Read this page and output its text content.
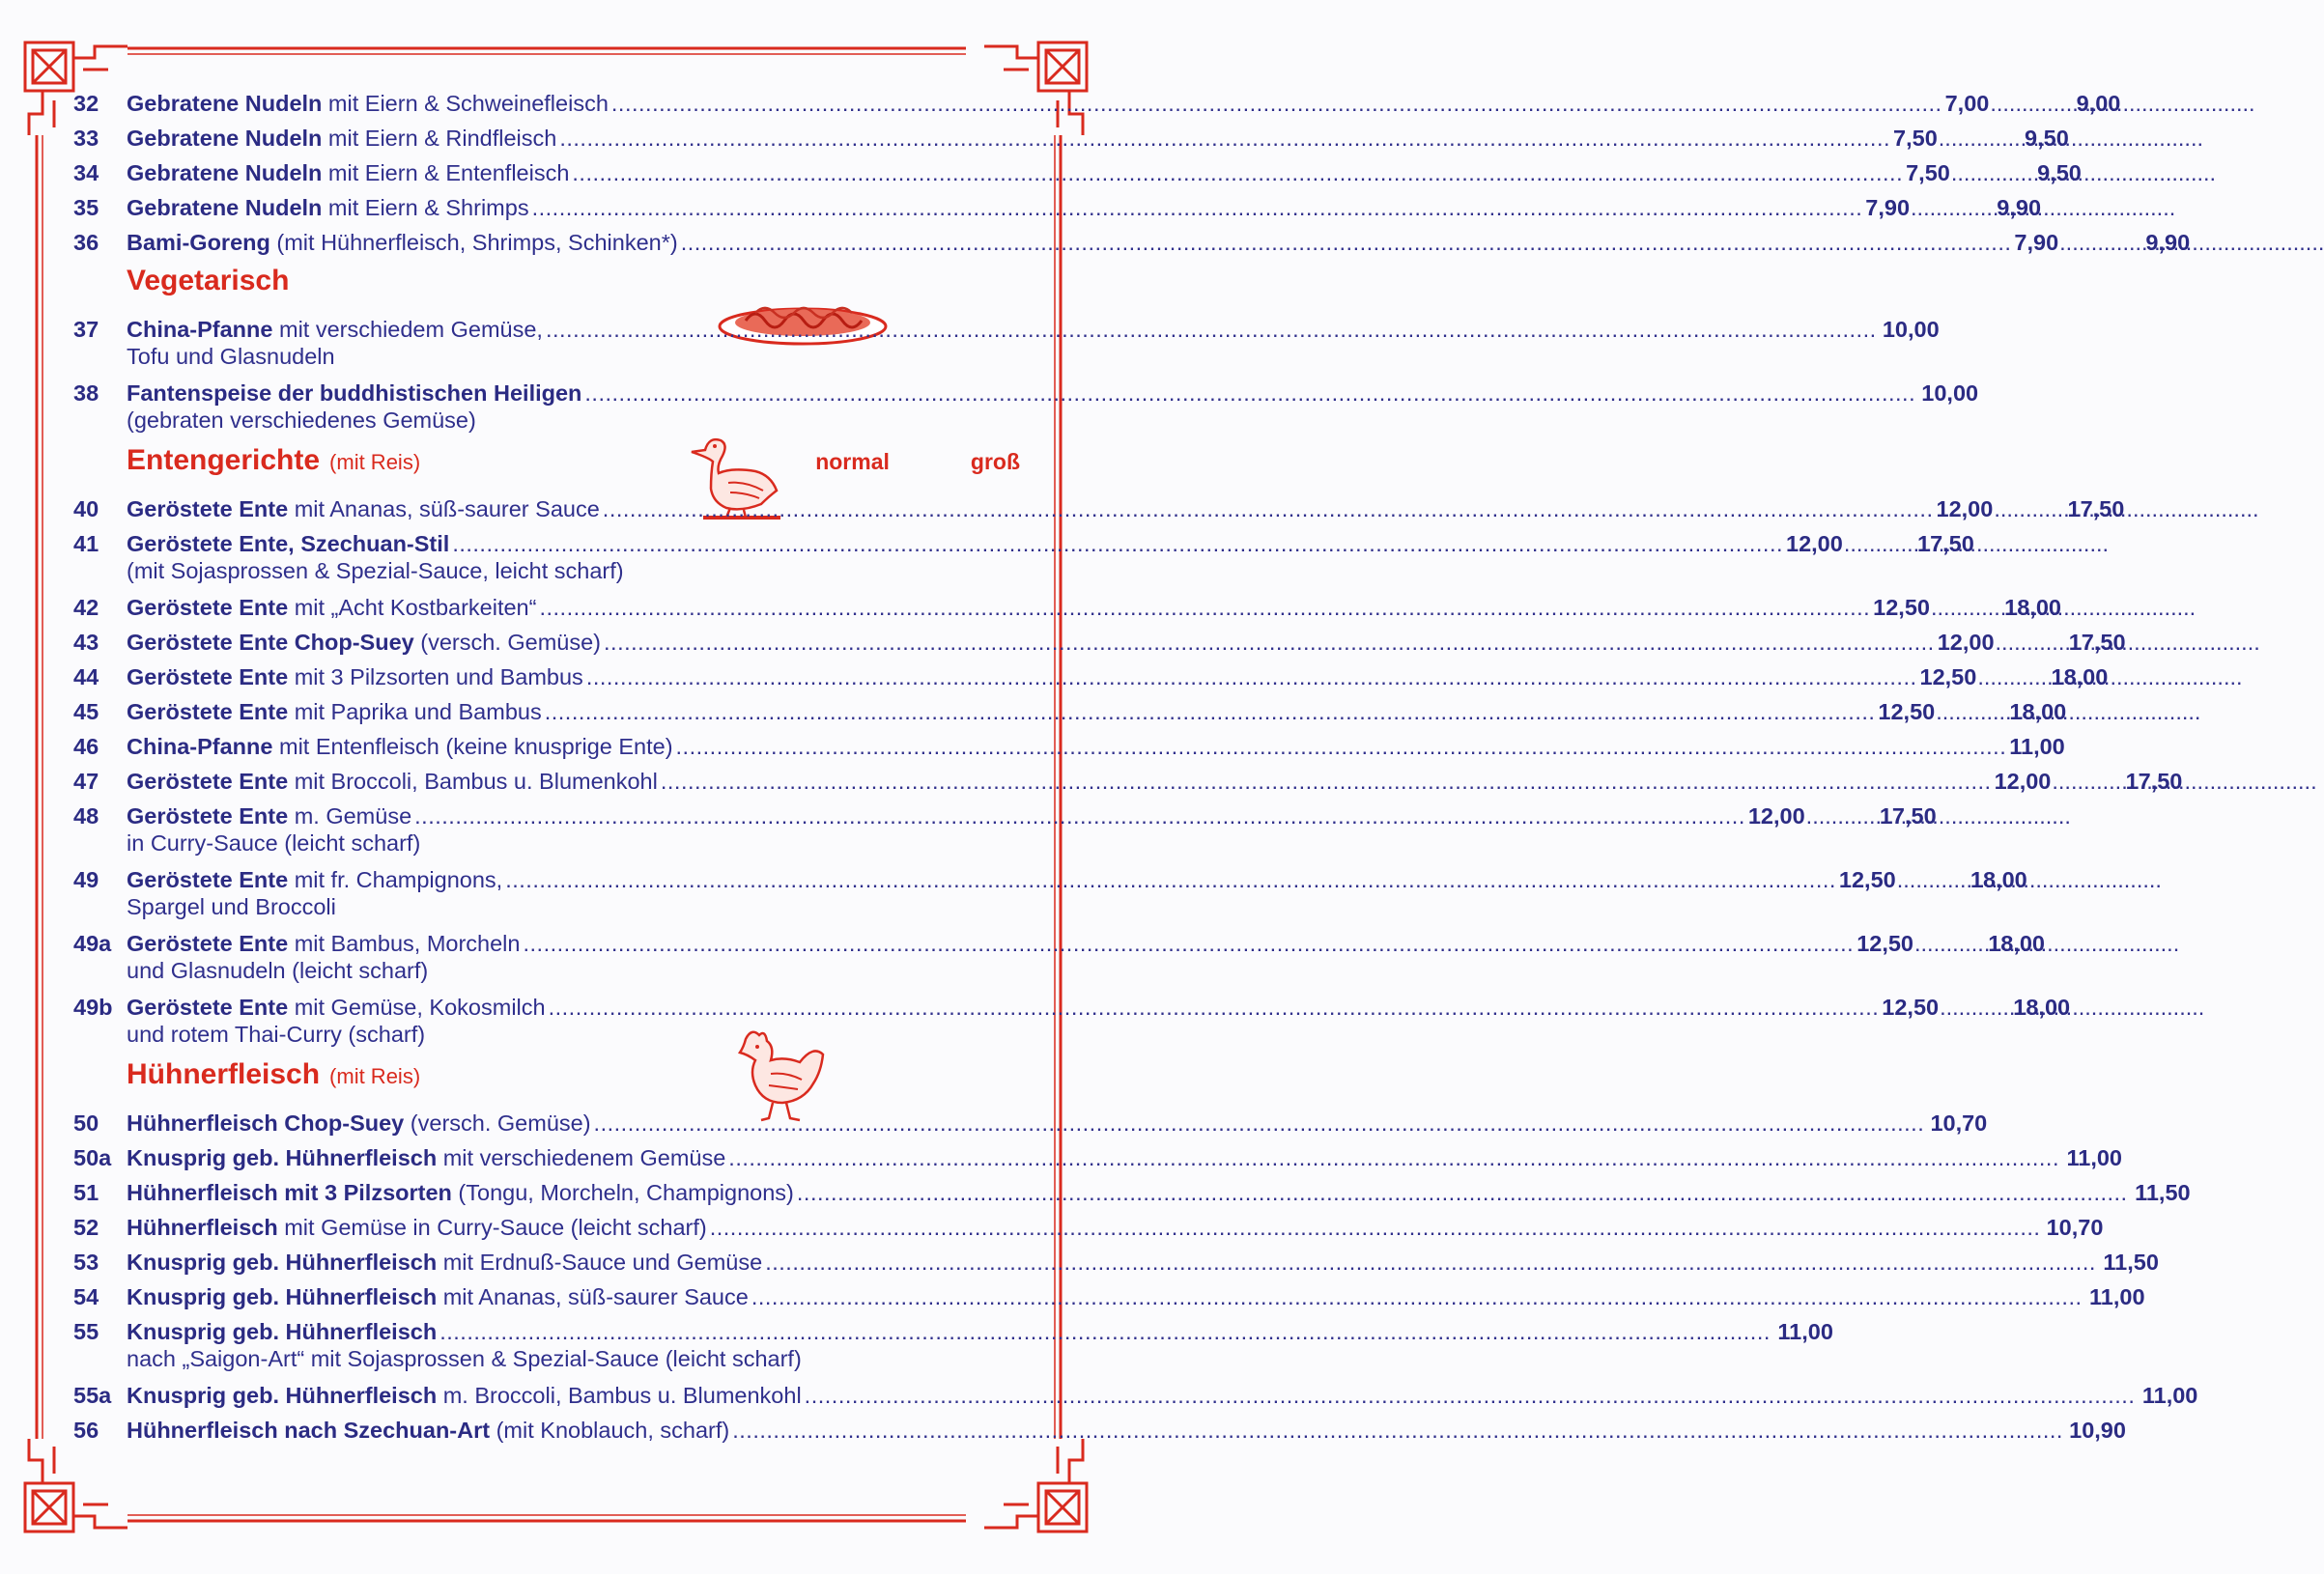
32	Gebratene Nudeln mit Eiern & Schweinefleisch .....	7,00 .....	9,00
33	Gebratene Nudeln mit Eiern & Rindfleisch .....	7,50 .....	9,50
34	Gebratene Nudeln mit Eiern & Entenfleisch .....	7,50 .....	9,50
35	Gebratene Nudeln mit Eiern & Shrimps .....	7,90 .....	9,90
36	Bami-Goreng (mit Hühnerfleisch, Shrimps, Schinken*) .....	7,90 .....	9,90
Vegetarisch
37	China-Pfanne mit verschiedem Gemüse, .....	10,00
Tofu und Glasnudeln
38	Fantenspeise der buddhistischen Heiligen .....	10,00
(gebraten verschiedenes Gemüse)
Entengerichte (mit Reis)	normal	groß
40	Geröstete Ente mit Ananas, süß-saurer Sauce .....	12,00 .....	17,50
41	Geröstete Ente, Szechuan-Stil .....	12,00 .....	17,50
(mit Sojasprossen & Spezial-Sauce, leicht scharf)
42	Geröstete Ente mit „Acht Kostbarkeiten“ .....	12,50 .....	18,00
43	Geröstete Ente Chop-Suey (versch. Gemüse) .....	12,00 .....	17,50
44	Geröstete Ente mit 3 Pilzsorten und Bambus .....	12,50 .....	18,00
45	Geröstete Ente mit Paprika und Bambus .....	12,50 .....	18,00
46	China-Pfanne mit Entenfleisch (keine knusprige Ente) .....	11,00
47	Geröstete Ente mit Broccoli, Bambus u. Blumenkohl .....	12,00 .....	17,50
48	Geröstete Ente m. Gemüse .....	12,00 .....	17,50
in Curry-Sauce (leicht scharf)
49	Geröstete Ente mit fr. Champignons, .....	12,50 .....	18,00
Spargel und Broccoli
49a Geröstete Ente mit Bambus, Morcheln .....	12,50 .....	18,00
und Glasnudeln (leicht scharf)
49b Geröstete Ente mit Gemüse, Kokosmilch .....	12,50 .....	18,00
und rotem Thai-Curry (scharf)
Hühnerfleisch (mit Reis)
50	Hühnerfleisch Chop-Suey (versch. Gemüse) .....	10,70
50a Knusprig geb. Hühnerfleisch mit verschiedenem Gemüse .....	11,00
51	Hühnerfleisch mit 3 Pilzsorten (Tongu, Morcheln, Champignons) .....	11,50
52	Hühnerfleisch mit Gemüse in Curry-Sauce (leicht scharf) .....	10,70
53	Knusprig geb. Hühnerfleisch mit Erdnuß-Sauce und Gemüse .....	11,50
54	Knusprig geb. Hühnerfleisch mit Ananas, süß-saurer Sauce .....	11,00
55	Knusprig geb. Hühnerfleisch .....	11,00
nach „Saigon-Art“ mit Sojasprossen & Spezial-Sauce (leicht scharf)
55a Knusprig geb. Hühnerfleisch m. Broccoli, Bambus u. Blumenkohl .....	11,00
56	Hühnerfleisch nach Szechuan-Art (mit Knoblauch, scharf) .....	10,90
